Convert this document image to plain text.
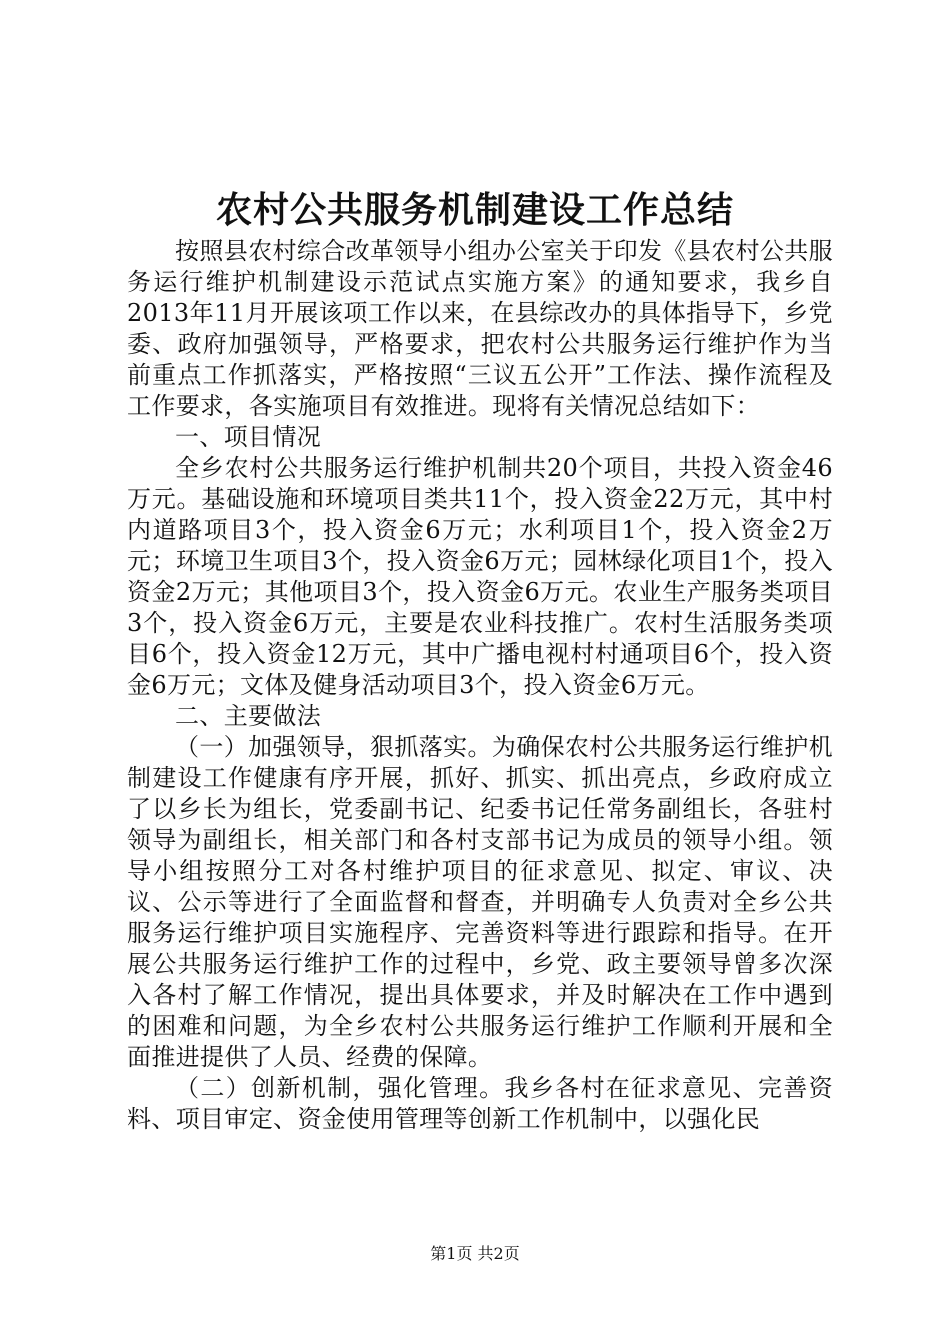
农村公共服务机制建设工作总结

按照县农村综合改革领导小组办公室关于印发《县农村公共服务运行维护机制建设示范试点实施方案》的通知要求，我乡自2013年11月开展该项工作以来，在县综改办的具体指导下，乡党委、政府加强领导，严格要求，把农村公共服务运行维护作为当前重点工作抓落实，严格按照“三议五公开”工作法、操作流程及工作要求，各实施项目有效推进。现将有关情况总结如下：

一、项目情况

全乡农村公共服务运行维护机制共20个项目，共投入资金46万元。基础设施和环境项目类共11个，投入资金22万元，其中村内道路项目3个，投入资金6万元；水利项目1个，投入资金2万元；环境卫生项目3个，投入资金6万元；园林绿化项目1个，投入资金2万元；其他项目3个，投入资金6万元。农业生产服务类项目3个，投入资金6万元，主要是农业科技推广。农村生活服务类项目6个，投入资金12万元，其中广播电视村村通项目6个，投入资金6万元；文体及健身活动项目3个，投入资金6万元。

二、主要做法

（一）加强领导，狠抓落实。为确保农村公共服务运行维护机制建设工作健康有序开展，抓好、抓实、抓出亮点，乡政府成立了以乡长为组长，党委副书记、纪委书记任常务副组长，各驻村领导为副组长，相关部门和各村支部书记为成员的领导小组。领导小组按照分工对各村维护项目的征求意见、拟定、审议、决议、公示等进行了全面监督和督查，并明确专人负责对全乡公共服务运行维护项目实施程序、完善资料等进行跟踪和指导。在开展公共服务运行维护工作的过程中，乡党、政主要领导曾多次深入各村了解工作情况，提出具体要求，并及时解决在工作中遇到的困难和问题，为全乡农村公共服务运行维护工作顺利开展和全面推进提供了人员、经费的保障。

（二）创新机制，强化管理。我乡各村在征求意见、完善资料、项目审定、资金使用管理等创新工作机制中，以强化民

第1页 共2页
